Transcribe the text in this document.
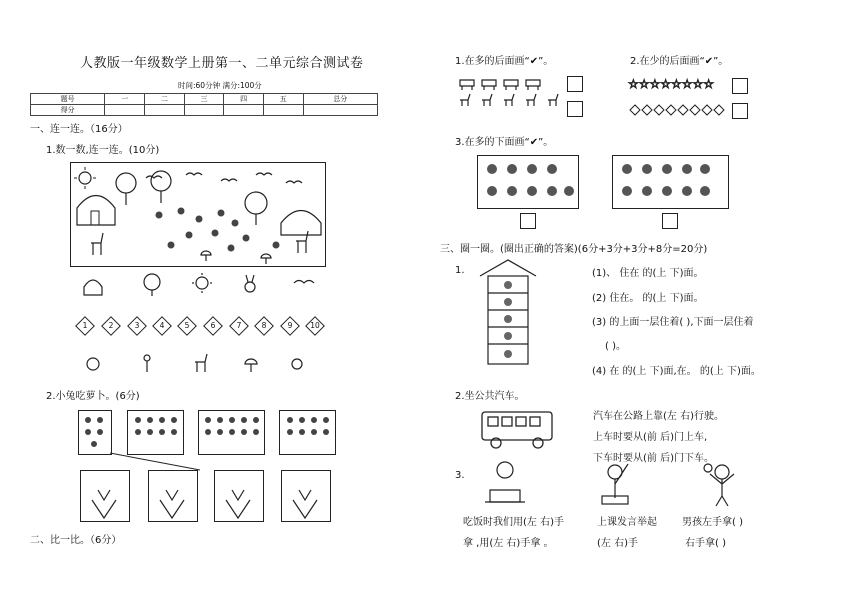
人教版一年级数学上册第一、二单元综合测试卷
时间:60分钟 满分:100分
题号	一	二	三	四	五	总分
得分						
一、连一连。（16分）
1.数一数,连一连。(10分)
1	2	3	4	5	6	7	8	9	10
2.小兔吃萝卜。(6分)
二、比一比。（6分）
1.在多的后面画“✔”。	2.在少的后面画“✔”。
☆☆☆☆☆☆☆☆
3.在多的下面画“✔”。
三、圈一圈。(圈出正确的答案)(6分+3分+3分+8分=20分)
1.	(1)、 住在 的(上 下)面。
(2) 住在。 的(上 下)面。
(3) 的上面一层住着( ),下面一层住着
( )。
(4) 在 的(上 下)面,在。 的(上 下)面。
2.坐公共汽车。
汽车在公路上靠(左 右)行驶。
上车时要从(前 后)门上车,
下车时要从(前 后)门下车。
3.
吃饭时我们用(左 右)手	上课发言举起	男孩左手拿( )
拿 ,用(左 右)手拿 。	(左 右)手	右手拿( )
